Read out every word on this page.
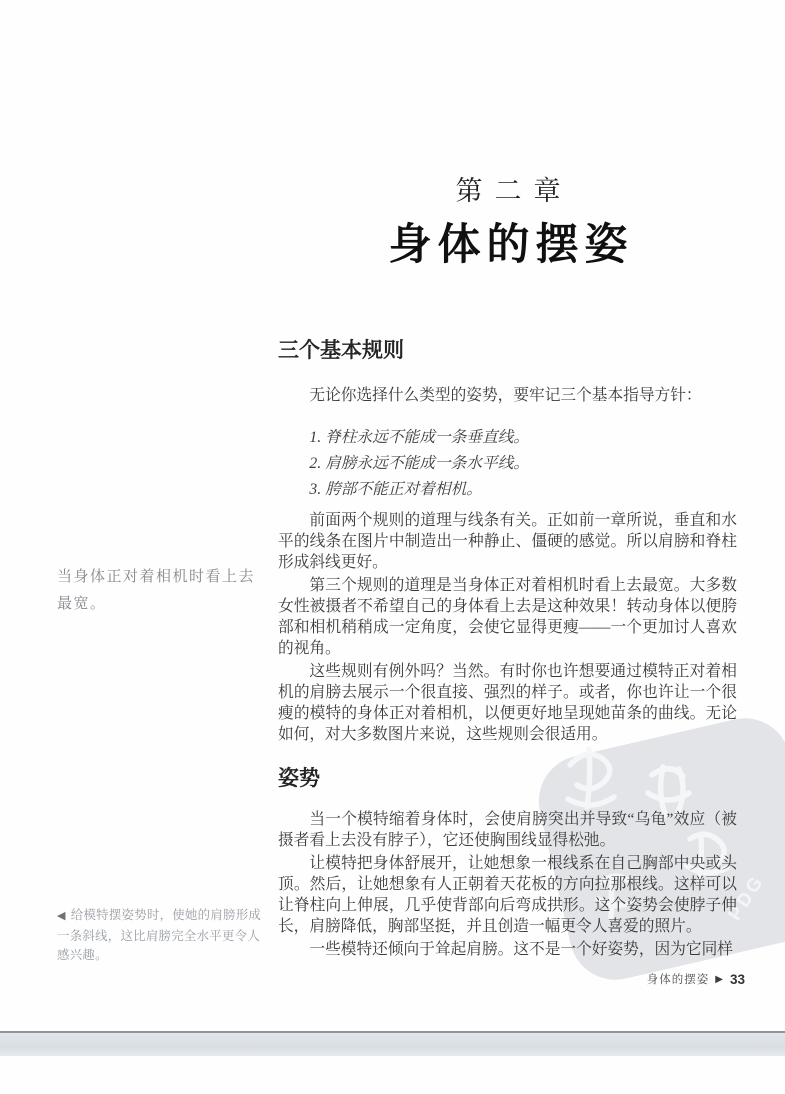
PDG
第二章
身体的摆姿
三个基本规则

无论你选择什么类型的姿势，要牢记三个基本指导方针：

1. 脊柱永远不能成一条垂直线。
2. 肩膀永远不能成一条水平线。
3. 胯部不能正对着相机。

前面两个规则的道理与线条有关。正如前一章所说，垂直和水平的线条在图片中制造出一种静止、僵硬的感觉。所以肩膀和脊柱形成斜线更好。

第三个规则的道理是当身体正对着相机时看上去最宽。大多数女性被摄者不希望自己的身体看上去是这种效果！转动身体以便胯部和相机稍稍成一定角度，会使它显得更瘦——一个更加讨人喜欢的视角。

这些规则有例外吗？当然。有时你也许想要通过模特正对着相机的肩膀去展示一个很直接、强烈的样子。或者，你也许让一个很瘦的模特的身体正对着相机，以便更好地呈现她苗条的曲线。无论如何，对大多数图片来说，这些规则会很适用。

姿势

当一个模特缩着身体时，会使肩膀突出并导致“乌龟”效应（被摄者看上去没有脖子），它还使胸围线显得松弛。

让模特把身体舒展开，让她想象一根线系在自己胸部中央或头顶。然后，让她想象有人正朝着天花板的方向拉那根线。这样可以让脊柱向上伸展，几乎使背部向后弯成拱形。这个姿势会使脖子伸长，肩膀降低，胸部坚挺，并且创造一幅更令人喜爱的照片。

一些模特还倾向于耸起肩膀。这不是一个好姿势，因为它同样

当身体正对着相机时看上去最宽。
◀ 给模特摆姿势时，使她的肩膀形成一条斜线，这比肩膀完全水平更令人感兴趣。
身体的摆姿 ▶ 33
